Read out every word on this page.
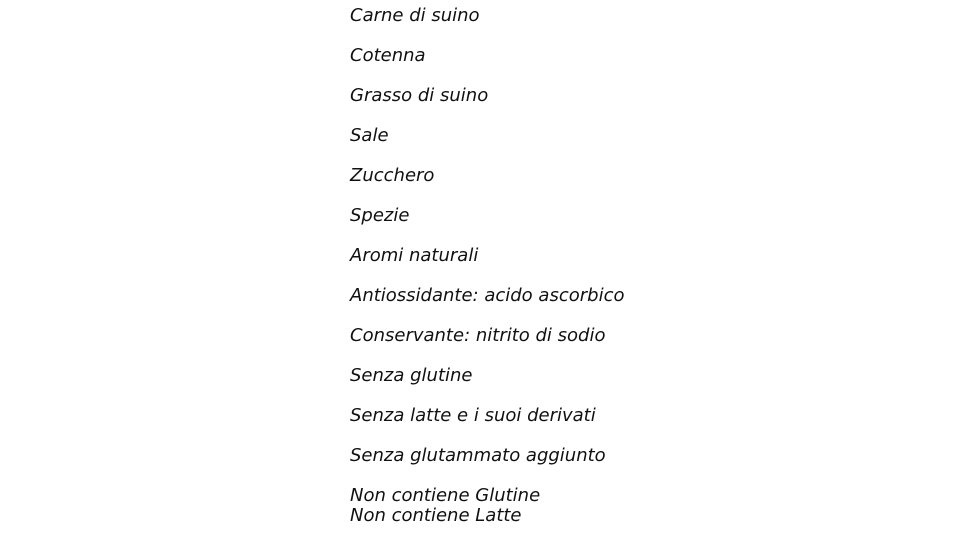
Carne di suino
Cotenna
Grasso di suino
Sale
Zucchero
Spezie
Aromi naturali
Antiossidante: acido ascorbico
Conservante: nitrito di sodio
Senza glutine
Senza latte e i suoi derivati
Senza glutammato aggiunto
Non contiene Glutine
Non contiene Latte
